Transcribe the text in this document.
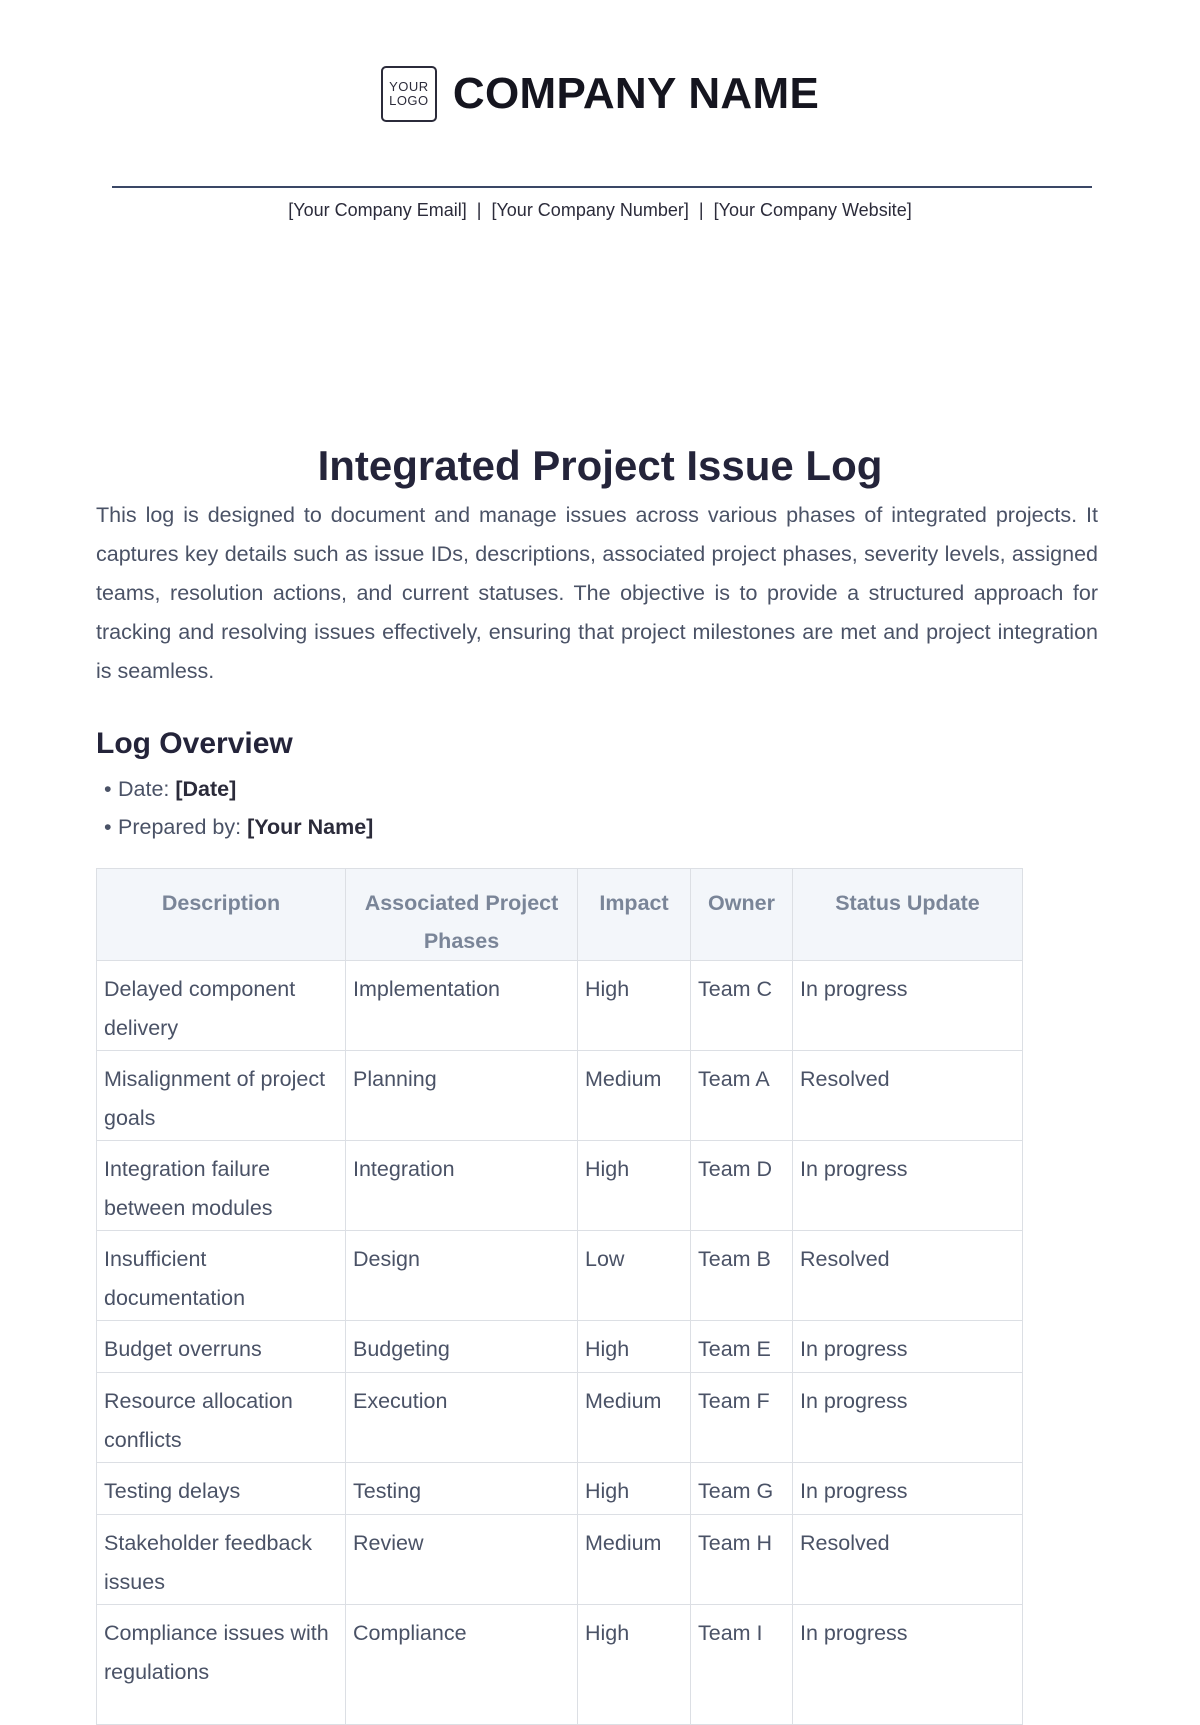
YOUR
LOGO COMPANY NAME
[Your Company Email] | [Your Company Number] | [Your Company Website]
Integrated Project Issue Log

This log is designed to document and manage issues across various phases of integrated projects. It captures key details such as issue IDs, descriptions, associated project phases, severity levels, assigned teams, resolution actions, and current statuses. The objective is to provide a structured approach for tracking and resolving issues effectively, ensuring that project milestones are met and project integration is seamless.

Log Overview
• Date: [Date]
• Prepared by: [Your Name]
Description	Associated Project Phases	Impact	Owner	Status Update
Delayed component delivery	Implementation	High	Team C	In progress
Misalignment of project goals	Planning	Medium	Team A	Resolved
Integration failure between modules	Integration	High	Team D	In progress
Insufficient documentation	Design	Low	Team B	Resolved
Budget overruns	Budgeting	High	Team E	In progress
Resource allocation conflicts	Execution	Medium	Team F	In progress
Testing delays	Testing	High	Team G	In progress
Stakeholder feedback issues	Review	Medium	Team H	Resolved
Compliance issues with regulations	Compliance	High	Team I	In progress
